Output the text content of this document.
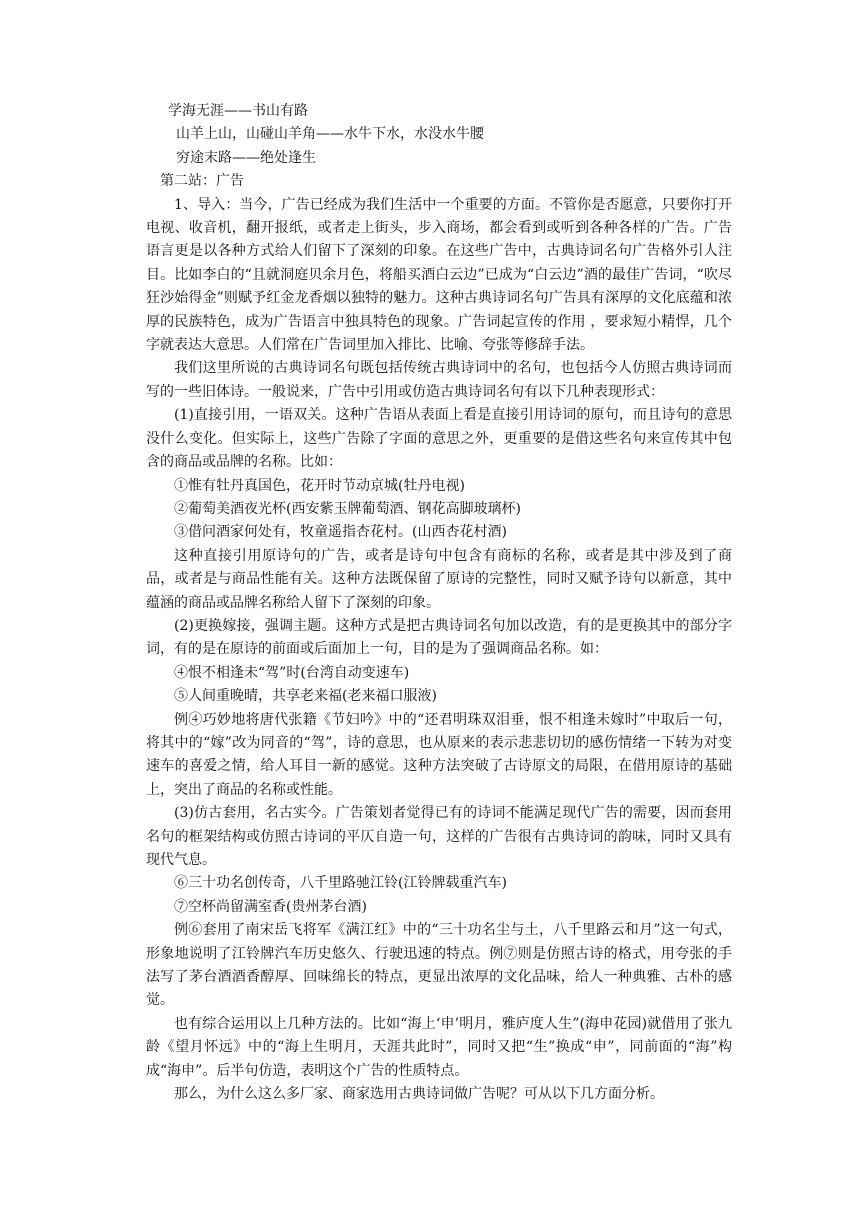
学海无涯——书山有路
山羊上山，山碰山羊角——水牛下水，水没水牛腰
穷途末路——绝处逢生
第二站：广告

1、导入：当今，广告已经成为我们生活中一个重要的方面。不管你是否愿意，只要你打开电视、收音机，翻开报纸，或者走上街头，步入商场，都会看到或听到各种各样的广告。广告语言更是以各种方式给人们留下了深刻的印象。在这些广告中，古典诗词名句广告格外引人注目。比如李白的“且就洞庭贝余月色，将船买酒白云边”已成为“白云边”酒的最佳广告词，“吹尽狂沙始得金”则赋予红金龙香烟以独特的魅力。这种古典诗词名句广告具有深厚的文化底蕴和浓厚的民族特色，成为广告语言中独具特色的现象。广告词起宣传的作用 ，要求短小精悍，几个字就表达大意思。人们常在广告词里加入排比、比喻、夸张等修辞手法。

我们这里所说的古典诗词名句既包括传统古典诗词中的名句，也包括今人仿照古典诗词而写的一些旧体诗。一般说来，广告中引用或仿造古典诗词名句有以下几种表现形式：

(1)直接引用，一语双关。这种广告语从表面上看是直接引用诗词的原句，而且诗句的意思没什么变化。但实际上，这些广告除了字面的意思之外，更重要的是借这些名句来宣传其中包含的商品或品牌的名称。比如：

①惟有牡丹真国色，花开时节动京城(牡丹电视)

②葡萄美酒夜光杯(西安紫玉牌葡萄酒、钢花高脚玻璃杯)

③借问酒家何处有，牧童遥指杏花村。(山西杏花村酒)

这种直接引用原诗句的广告，或者是诗句中包含有商标的名称，或者是其中涉及到了商品，或者是与商品性能有关。这种方法既保留了原诗的完整性，同时又赋予诗句以新意，其中蕴涵的商品或品牌名称给人留下了深刻的印象。

(2)更换嫁接，强调主题。这种方式是把古典诗词名句加以改造，有的是更换其中的部分字词，有的是在原诗的前面或后面加上一句，目的是为了强调商品名称。如：

④恨不相逢未“驾”时(台湾自动变速车)

⑤人间重晚晴，共享老来福(老来福口服液)

例④巧妙地将唐代张籍《节妇吟》中的“还君明珠双泪垂，恨不相逢未嫁时”中取后一句，将其中的“嫁”改为同音的“驾”，诗的意思，也从原来的表示悲悲切切的感伤情绪一下转为对变速车的喜爱之情，给人耳目一新的感觉。这种方法突破了古诗原文的局限，在借用原诗的基础上，突出了商品的名称或性能。

(3)仿古套用，名古实今。广告策划者觉得已有的诗词不能满足现代广告的需要，因而套用名句的框架结构或仿照古诗词的平仄自造一句，这样的广告很有古典诗词的韵味，同时又具有现代气息。

⑥三十功名创传奇，八千里路驰江铃(江铃牌载重汽车)

⑦空杯尚留满室香(贵州茅台酒)

例⑥套用了南宋岳飞将军《满江红》中的“三十功名尘与土，八千里路云和月”这一句式，形象地说明了江铃牌汽车历史悠久、行驶迅速的特点。例⑦则是仿照古诗的格式，用夸张的手法写了茅台酒酒香醇厚、回味绵长的特点，更显出浓厚的文化品味，给人一种典雅、古朴的感觉。

也有综合运用以上几种方法的。比如“海上‘申’明月，雅庐度人生”(海申花园)就借用了张九龄《望月怀远》中的“海上生明月，天涯共此时”，同时又把“生”换成“申”，同前面的“海”构成“海申”。后半句仿造，表明这个广告的性质特点。

那么，为什么这么多厂家、商家选用古典诗词做广告呢？可从以下几方面分析。
